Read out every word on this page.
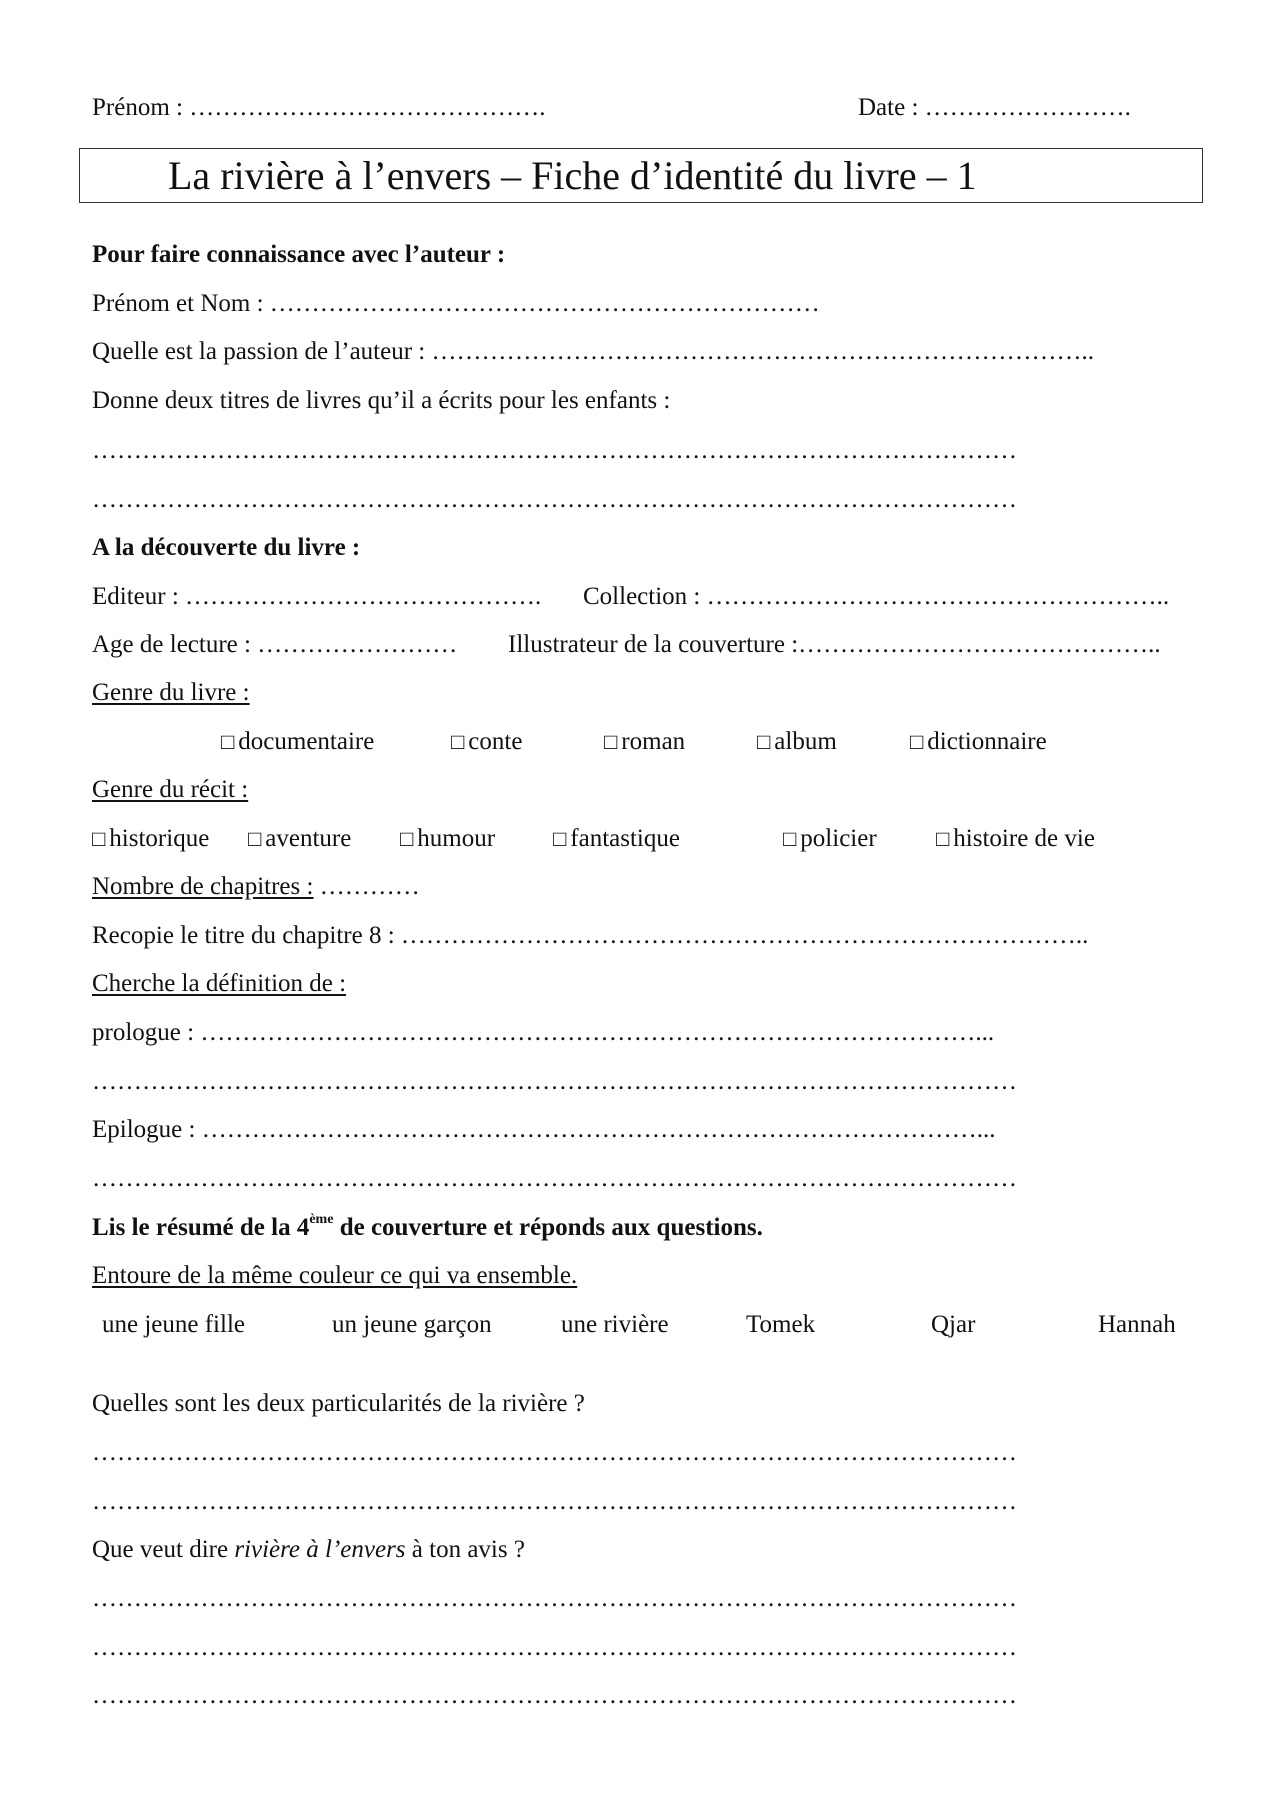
Prénom : …………………………………….	Date : …………………….
La rivière à l’envers – Fiche d’identité du livre – 1
Pour faire connaissance avec l’auteur :
Prénom et Nom : …………………………………………………………
Quelle est la passion de l’auteur : ……………………………………………………………………..
Donne deux titres de livres qu’il a écrits pour les enfants :
…………………………………………………………………………………………………
…………………………………………………………………………………………………
A la découverte du livre :
Editeur : ……………………………………. Collection : ………………………………………………..
Age de lecture : …………………… Illustrateur de la couverture :……………………………………..
Genre du livre :
□ documentaire	□ conte	□ roman	□ album	□ dictionnaire
Genre du récit :
□ historique □ aventure □ humour	□ fantastique	□ policier	□ histoire de vie
Nombre de chapitres : …………
Recopie le titre du chapitre 8 : ………………………………………………………………………..
Cherche la définition de :
prologue : …………………………………………………………………………………...
…………………………………………………………………………………………………
Epilogue : …………………………………………………………………………………...
…………………………………………………………………………………………………
Lis le résumé de la 4ème de couverture et réponds aux questions.
Entoure de la même couleur ce qui va ensemble.
une jeune fille	un jeune garçon	une rivière	Tomek	Qjar	Hannah
Quelles sont les deux particularités de la rivière ?
…………………………………………………………………………………………………
…………………………………………………………………………………………………
Que veut dire rivière à l’envers à ton avis ?
…………………………………………………………………………………………………
…………………………………………………………………………………………………
…………………………………………………………………………………………………
